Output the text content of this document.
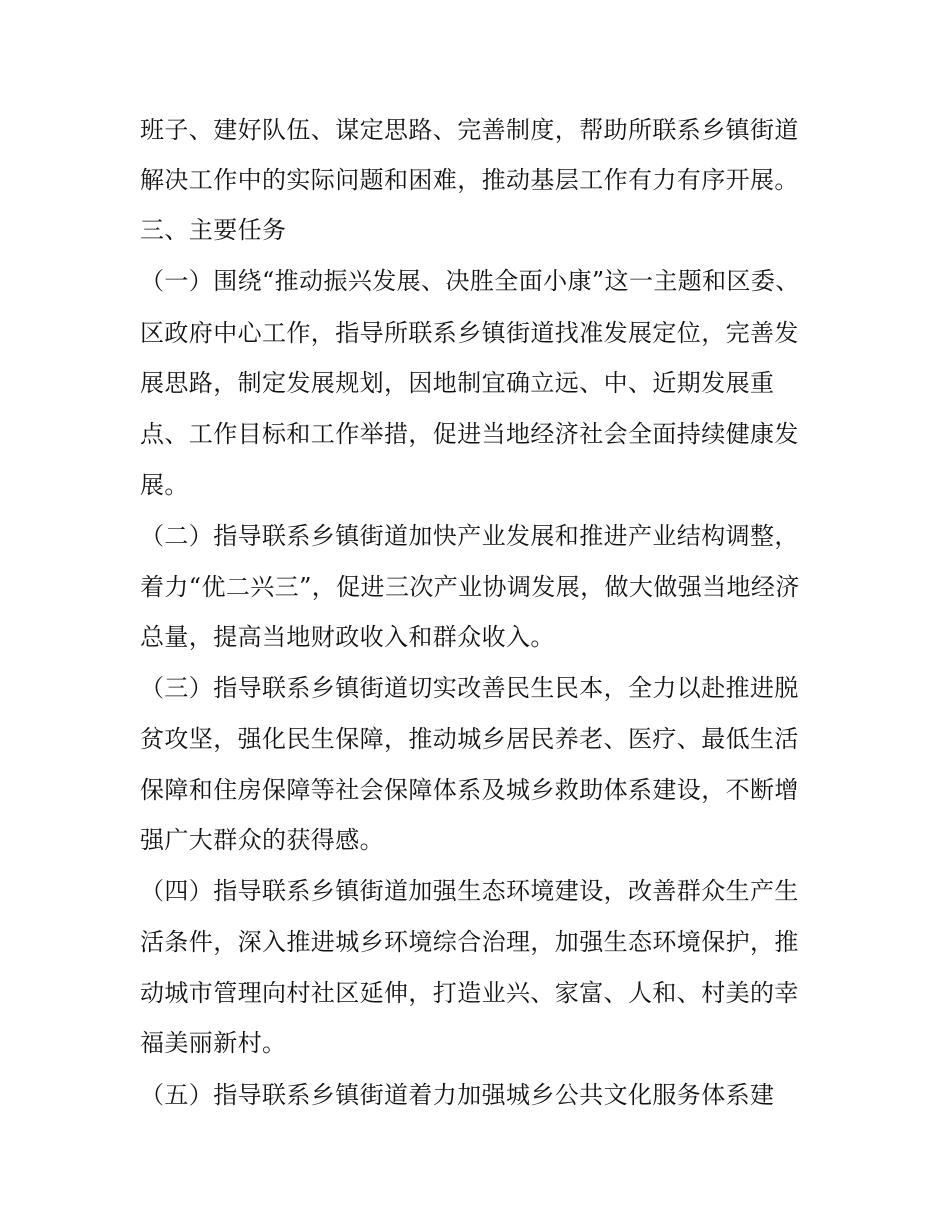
班子、建好队伍、谋定思路、完善制度，帮助所联系乡镇街道
解决工作中的实际问题和困难，推动基层工作有力有序开展。
三、主要任务
（一）围绕“推动振兴发展、决胜全面小康”这一主题和区委、
区政府中心工作，指导所联系乡镇街道找准发展定位，完善发
展思路，制定发展规划，因地制宜确立远、中、近期发展重
点、工作目标和工作举措，促进当地经济社会全面持续健康发
展。
（二）指导联系乡镇街道加快产业发展和推进产业结构调整，
着力“优二兴三”，促进三次产业协调发展，做大做强当地经济
总量，提高当地财政收入和群众收入。
（三）指导联系乡镇街道切实改善民生民本，全力以赴推进脱
贫攻坚，强化民生保障，推动城乡居民养老、医疗、最低生活
保障和住房保障等社会保障体系及城乡救助体系建设，不断增
强广大群众的获得感。
（四）指导联系乡镇街道加强生态环境建设，改善群众生产生
活条件，深入推进城乡环境综合治理，加强生态环境保护，推
动城市管理向村社区延伸，打造业兴、家富、人和、村美的幸
福美丽新村。
（五）指导联系乡镇街道着力加强城乡公共文化服务体系建
